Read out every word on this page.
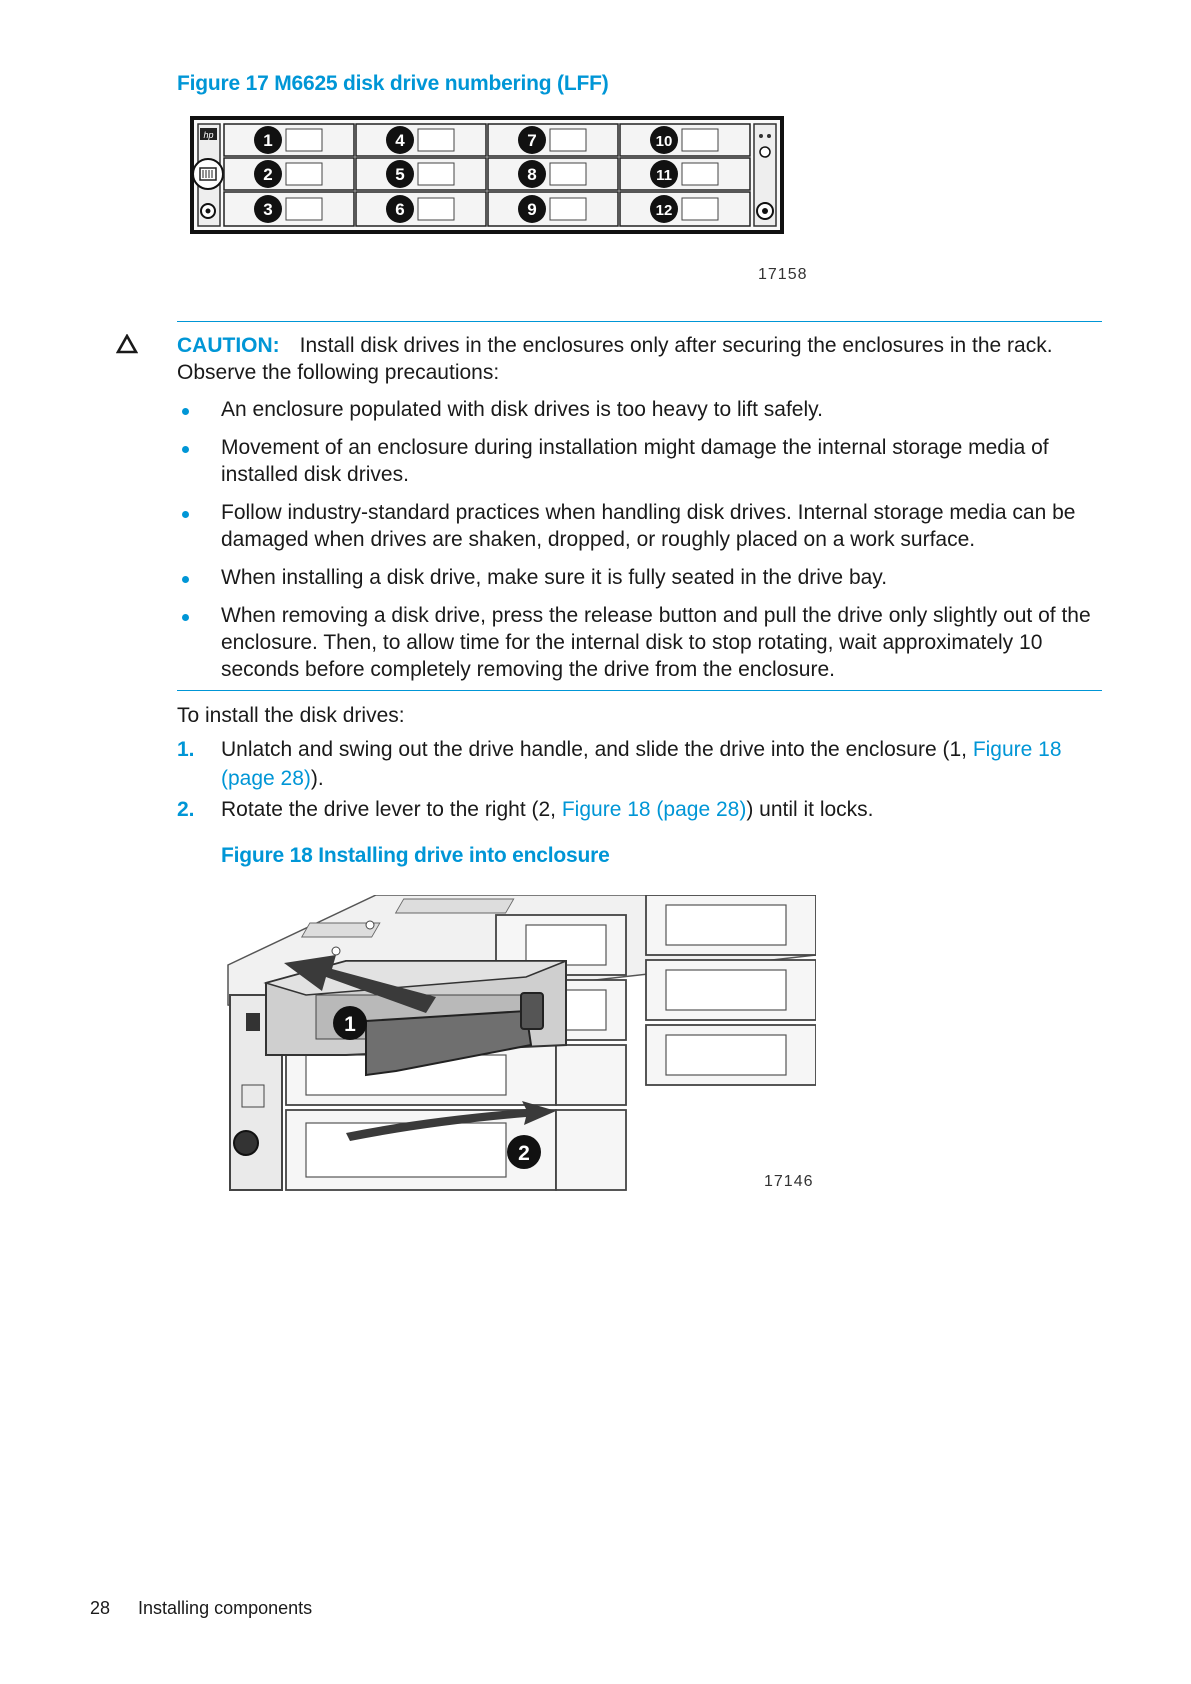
Figure 17 M6625 disk drive numbering (LFF)
hp	1
2
3
4
5
6
7
8
9
10
11
12
17158
CAUTION: Install disk drives in the enclosures only after securing the enclosures in the rack.
Observe the following precautions:
An enclosure populated with disk drives is too heavy to lift safely.
Movement of an enclosure during installation might damage the internal storage media of installed disk drives.
Follow industry-standard practices when handling disk drives. Internal storage media can be damaged when drives are shaken, dropped, or roughly placed on a work surface.
When installing a disk drive, make sure it is fully seated in the drive bay.
When removing a disk drive, press the release button and pull the drive only slightly out of the enclosure. Then, to allow time for the internal disk to stop rotating, wait approximately 10 seconds before completely removing the drive from the enclosure.
To install the disk drives:
1. Unlatch and swing out the drive handle, and slide the drive into the enclosure (1, Figure 18 (page 28)).
2. Rotate the drive lever to the right (2, Figure 18 (page 28)) until it locks.
Figure 18 Installing drive into enclosure
1
2
17146
28 Installing components
